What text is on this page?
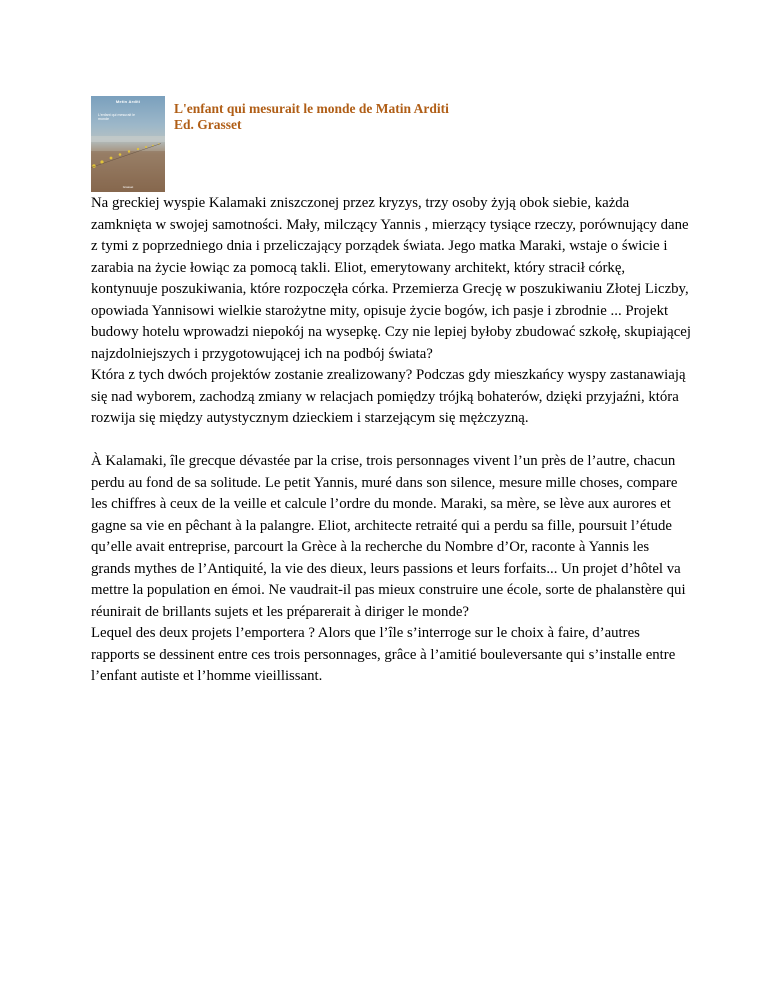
Metin Arditi
L'enfant qui mesurait le monde
Grasset
L'enfant qui mesurait le monde de Matin Arditi
Ed. Grasset

Na greckiej wyspie Kalamaki zniszczonej przez kryzys, trzy osoby żyją obok siebie, każda zamknięta w swojej samotności. Mały, milczący Yannis , mierzący tysiące rzeczy, porównujący dane z tymi z poprzedniego dnia i przeliczający porządek świata. Jego matka Maraki, wstaje o świcie i zarabia na życie łowiąc za pomocą takli. Eliot, emerytowany architekt, który stracił córkę, kontynuuje poszukiwania, które rozpoczęła córka. Przemierza Grecję w poszukiwaniu Złotej Liczby, opowiada Yannisowi wielkie starożytne mity, opisuje życie bogów, ich pasje i zbrodnie ... Projekt budowy hotelu wprowadzi niepokój na wysepkę. Czy nie lepiej byłoby zbudować szkołę, skupiającej najzdolniejszych i przygotowującej ich na podbój świata?

Która z tych dwóch projektów zostanie zrealizowany? Podczas gdy mieszkańcy wyspy zastanawiają się nad wyborem, zachodzą zmiany w relacjach pomiędzy trójką bohaterów, dzięki przyjaźni, która rozwija się między autystycznym dzieckiem i starzejącym się mężczyzną.

À Kalamaki, île grecque dévastée par la crise, trois personnages vivent l’un près de l’autre, chacun perdu au fond de sa solitude. Le petit Yannis, muré dans son silence, mesure mille choses, compare les chiffres à ceux de la veille et calcule l’ordre du monde. Maraki, sa mère, se lève aux aurores et gagne sa vie en pêchant à la palangre. Eliot, architecte retraité qui a perdu sa fille, poursuit l’étude qu’elle avait entreprise, parcourt la Grèce à la recherche du Nombre d’Or, raconte à Yannis les grands mythes de l’Antiquité, la vie des dieux, leurs passions et leurs forfaits... Un projet d’hôtel va mettre la population en émoi. Ne vaudrait-il pas mieux construire une école, sorte de phalanstère qui réunirait de brillants sujets et les préparerait à diriger le monde?

Lequel des deux projets l’emportera ? Alors que l’île s’interroge sur le choix à faire, d’autres rapports se dessinent entre ces trois personnages, grâce à l’amitié bouleversante qui s’installe entre l’enfant autiste et l’homme vieillissant.
